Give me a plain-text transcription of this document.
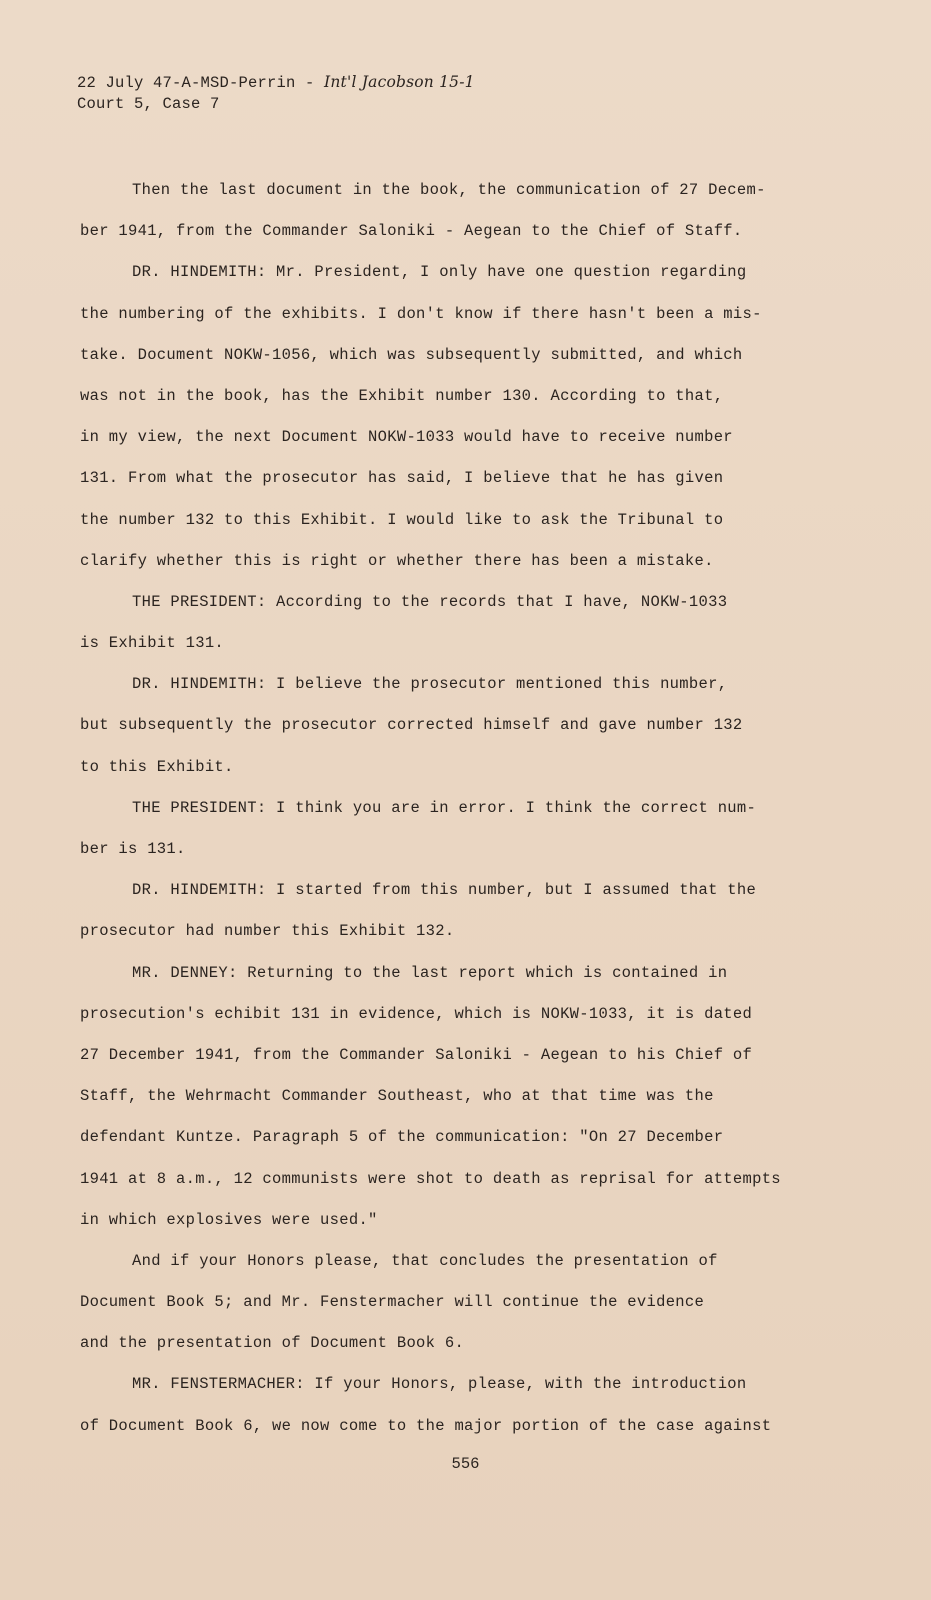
22 July 47-A-MSD-Perrin - Int'l Jacobson 15-1
Court 5, Case 7
Then the last document in the book, the communication of 27 Decem-
ber 1941, from the Commander Saloniki - Aegean to the Chief of Staff.
DR. HINDEMITH: Mr. President, I only have one question regarding
the numbering of the exhibits. I don't know if there hasn't been a mis-
take. Document NOKW-1056, which was subsequently submitted, and which
was not in the book, has the Exhibit number 130. According to that,
in my view, the next Document NOKW-1033 would have to receive number
131. From what the prosecutor has said, I believe that he has given
the number 132 to this Exhibit. I would like to ask the Tribunal to
clarify whether this is right or whether there has been a mistake.
THE PRESIDENT: According to the records that I have, NOKW-1033
is Exhibit 131.
DR. HINDEMITH: I believe the prosecutor mentioned this number,
but subsequently the prosecutor corrected himself and gave number 132
to this Exhibit.
THE PRESIDENT: I think you are in error. I think the correct num-
ber is 131.
DR. HINDEMITH: I started from this number, but I assumed that the
prosecutor had number this Exhibit 132.
MR. DENNEY: Returning to the last report which is contained in
prosecution's echibit 131 in evidence, which is NOKW-1033, it is dated
27 December 1941, from the Commander Saloniki - Aegean to his Chief of
Staff, the Wehrmacht Commander Southeast, who at that time was the
defendant Kuntze. Paragraph 5 of the communication: "On 27 December
1941 at 8 a.m., 12 communists were shot to death as reprisal for attempts
in which explosives were used."
And if your Honors please, that concludes the presentation of
Document Book 5; and Mr. Fenstermacher will continue the evidence
and the presentation of Document Book 6.
MR. FENSTERMACHER: If your Honors, please, with the introduction
of Document Book 6, we now come to the major portion of the case against
556
